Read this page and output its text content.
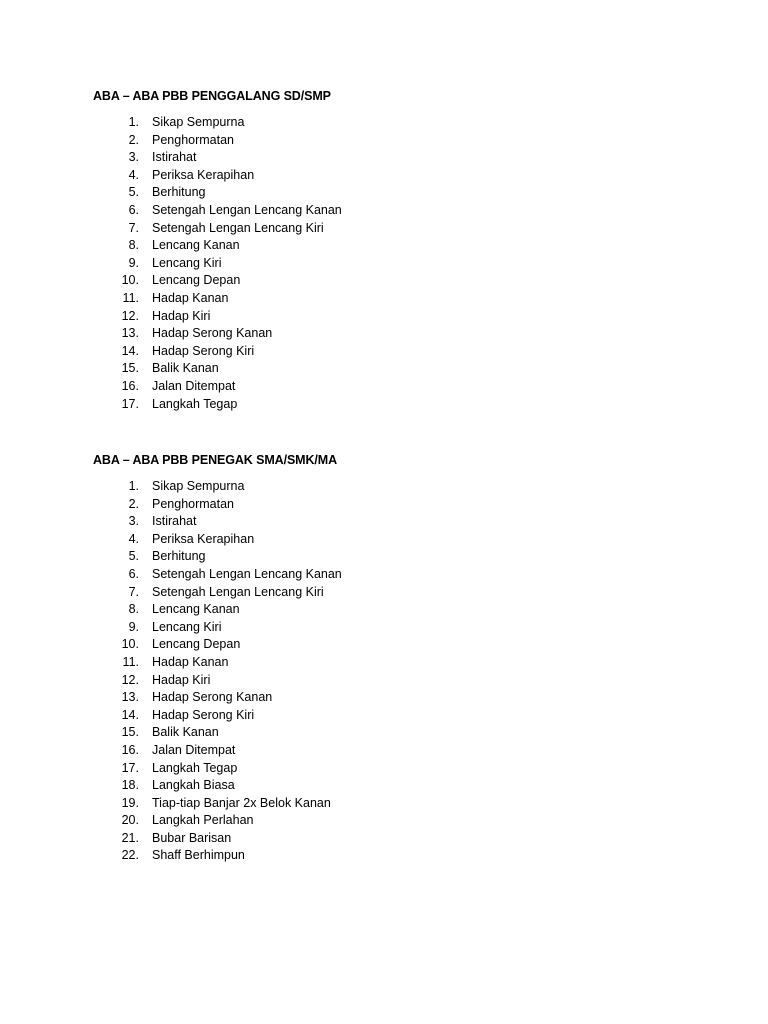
ABA – ABA PBB PENGGALANG SD/SMP
1. Sikap Sempurna
2. Penghormatan
3. Istirahat
4. Periksa Kerapihan
5. Berhitung
6. Setengah Lengan Lencang Kanan
7. Setengah Lengan Lencang Kiri
8. Lencang Kanan
9. Lencang Kiri
10. Lencang Depan
11. Hadap Kanan
12. Hadap Kiri
13. Hadap Serong Kanan
14. Hadap Serong Kiri
15. Balik Kanan
16. Jalan Ditempat
17. Langkah Tegap
ABA – ABA PBB PENEGAK SMA/SMK/MA
1. Sikap Sempurna
2. Penghormatan
3. Istirahat
4. Periksa Kerapihan
5. Berhitung
6. Setengah Lengan Lencang Kanan
7. Setengah Lengan Lencang Kiri
8. Lencang Kanan
9. Lencang Kiri
10. Lencang Depan
11. Hadap Kanan
12. Hadap Kiri
13. Hadap Serong Kanan
14. Hadap Serong Kiri
15. Balik Kanan
16. Jalan Ditempat
17. Langkah Tegap
18. Langkah Biasa
19. Tiap-tiap Banjar 2x Belok Kanan
20. Langkah Perlahan
21. Bubar Barisan
22. Shaff Berhimpun
